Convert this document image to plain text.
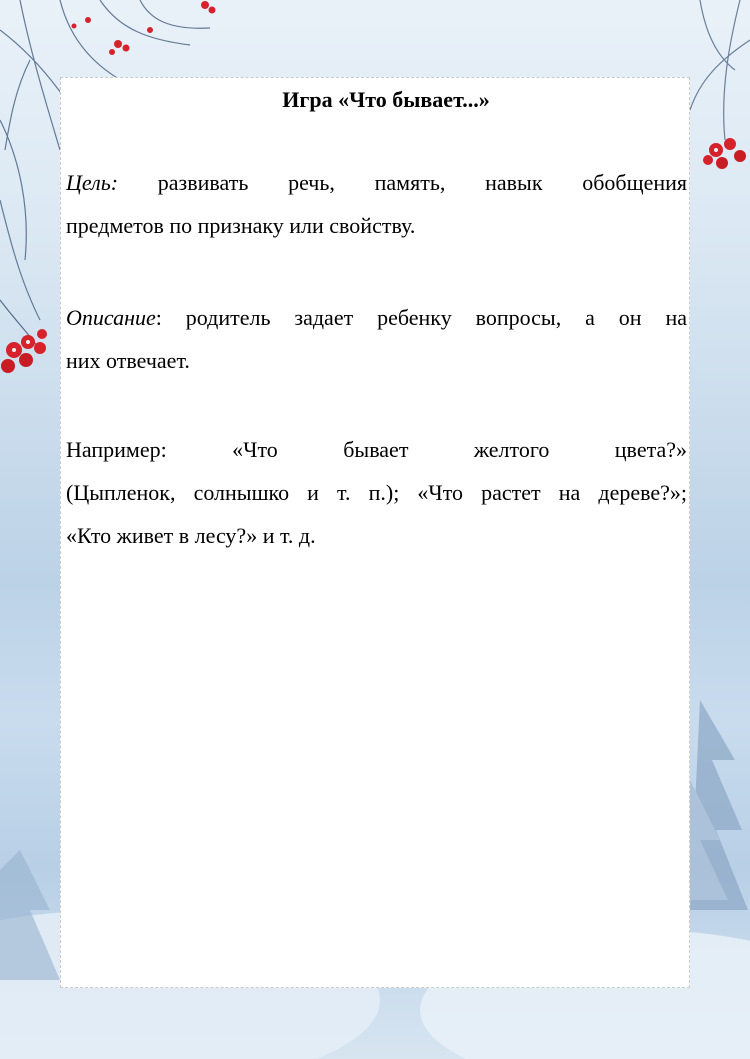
Игра «Что бывает...»
Цель: развивать речь, память, навык обобщения
предметов по признаку или свойству.
Описание: родитель задает ребенку вопросы, а он на
них отвечает.
Например: «Что бывает желтого цвета?»
(Цыпленок, солнышко и т. п.); «Что растет на дереве?»;
«Кто живет в лесу?» и т. д.
